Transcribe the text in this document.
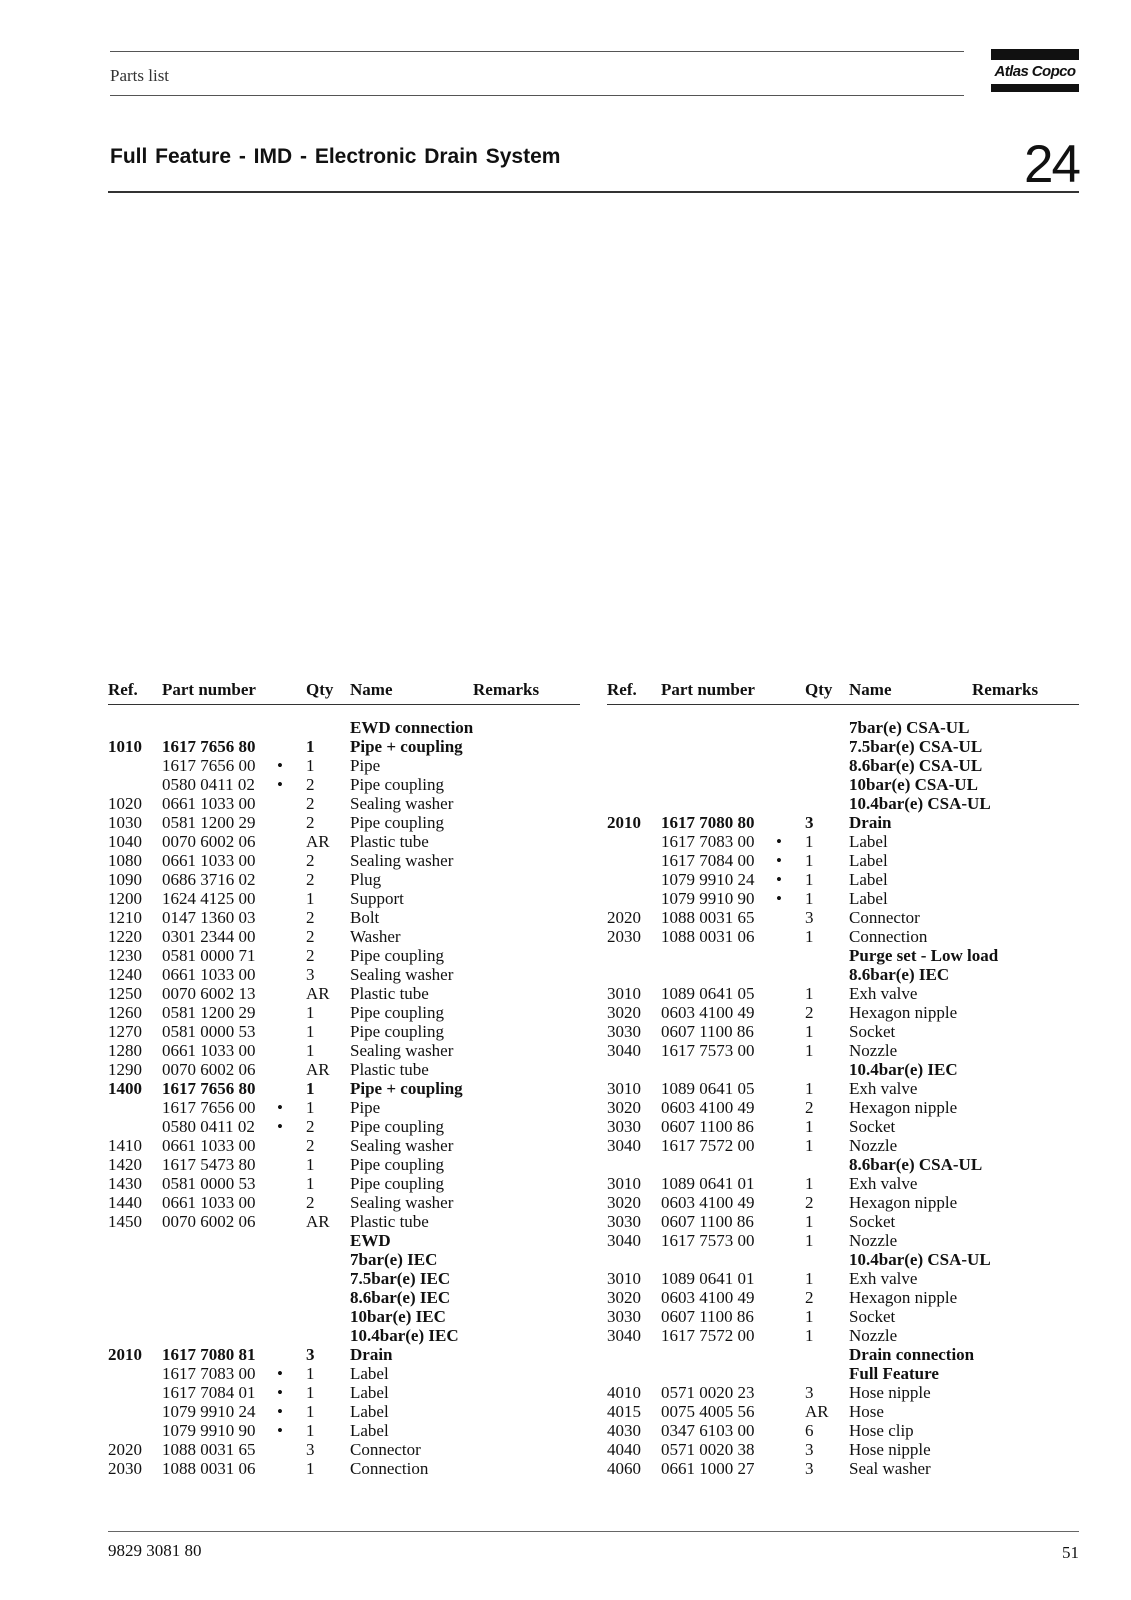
Parts list	Atlas Copco
Full Feature - IMD - Electronic Drain System	24
Ref. Part number	Qty Name	Remarks
EWD connection
1010 1617 7656 80	1 Pipe + coupling
1617 7656 00 • 1 Pipe
0580 0411 02 • 2 Pipe coupling
1020 0661 1033 00	2 Sealing washer
1030 0581 1200 29	2 Pipe coupling
1040 0070 6002 06	AR Plastic tube
1080 0661 1033 00	2 Sealing washer
1090 0686 3716 02	2 Plug
1200 1624 4125 00	1 Support
1210 0147 1360 03	2 Bolt
1220 0301 2344 00	2 Washer
1230 0581 0000 71	2 Pipe coupling
1240 0661 1033 00	3 Sealing washer
1250 0070 6002 13	AR Plastic tube
1260 0581 1200 29	1 Pipe coupling
1270 0581 0000 53	1 Pipe coupling
1280 0661 1033 00	1 Sealing washer
1290 0070 6002 06	AR Plastic tube
1400 1617 7656 80	1 Pipe + coupling
1617 7656 00 • 1 Pipe
0580 0411 02 • 2 Pipe coupling
1410 0661 1033 00	2 Sealing washer
1420 1617 5473 80	1 Pipe coupling
1430 0581 0000 53	1 Pipe coupling
1440 0661 1033 00	2 Sealing washer
1450 0070 6002 06	AR Plastic tube
EWD
7bar(e) IEC
7.5bar(e) IEC
8.6bar(e) IEC
10bar(e) IEC
10.4bar(e) IEC
2010 1617 7080 81	3 Drain
1617 7083 00 • 1 Label
1617 7084 01 • 1 Label
1079 9910 24 • 1 Label
1079 9910 90 • 1 Label
2020 1088 0031 65	3 Connector
2030 1088 0031 06	1 Connection
Ref. Part number	Qty Name	Remarks
7bar(e) CSA-UL
7.5bar(e) CSA-UL
8.6bar(e) CSA-UL
10bar(e) CSA-UL
10.4bar(e) CSA-UL
2010 1617 7080 80	3 Drain
1617 7083 00 • 1 Label
1617 7084 00 • 1 Label
1079 9910 24 • 1 Label
1079 9910 90 • 1 Label
2020 1088 0031 65	3 Connector
2030 1088 0031 06	1 Connection
Purge set - Low load
8.6bar(e) IEC
3010 1089 0641 05	1 Exh valve
3020 0603 4100 49	2 Hexagon nipple
3030 0607 1100 86	1 Socket
3040 1617 7573 00	1 Nozzle
10.4bar(e) IEC
3010 1089 0641 05	1 Exh valve
3020 0603 4100 49	2 Hexagon nipple
3030 0607 1100 86	1 Socket
3040 1617 7572 00	1 Nozzle
8.6bar(e) CSA-UL
3010 1089 0641 01	1 Exh valve
3020 0603 4100 49	2 Hexagon nipple
3030 0607 1100 86	1 Socket
3040 1617 7573 00	1 Nozzle
10.4bar(e) CSA-UL
3010 1089 0641 01	1 Exh valve
3020 0603 4100 49	2 Hexagon nipple
3030 0607 1100 86	1 Socket
3040 1617 7572 00	1 Nozzle
Drain connection
Full Feature
4010 0571 0020 23	3 Hose nipple
4015 0075 4005 56	AR Hose
4030 0347 6103 00	6 Hose clip
4040 0571 0020 38	3 Hose nipple
4060 0661 1000 27	3 Seal washer
9829 3081 80	51
